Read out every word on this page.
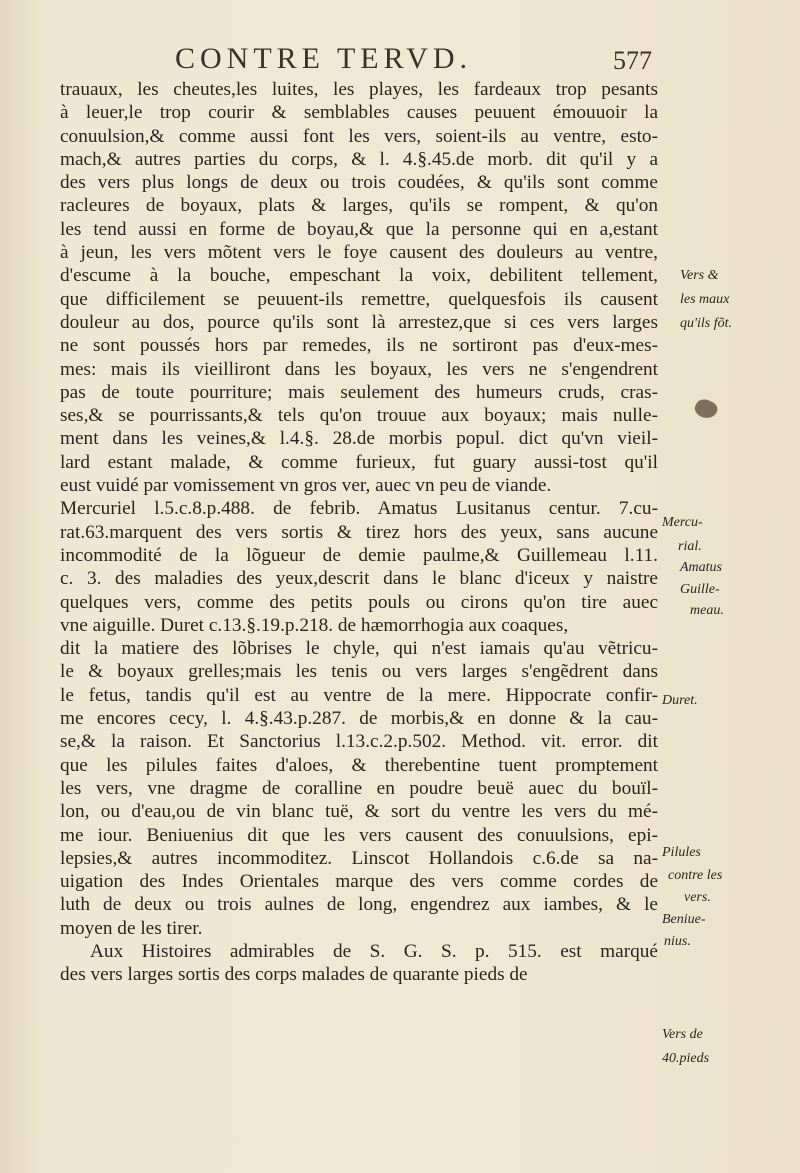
CONTRE TERVD.	577
trauaux, les cheutes,les luites, les playes, les fardeaux trop pesants
à leuer,le trop courir & semblables causes peuuent émouuoir la
conuulsion,& comme aussi font les vers, soient-ils au ventre, esto-
mach,& autres parties du corps, & l. 4.§.45.de morb. dit qu'il y a
des vers plus longs de deux ou trois coudées, & qu'ils sont comme
racleures de boyaux, plats & larges, qu'ils se rompent, & qu'on
les tend aussi en forme de boyau,& que la personne qui en a,estant
à jeun, les vers mõtent vers le foye causent des douleurs au ventre,
d'escume à la bouche, empeschant la voix, debilitent tellement,
que difficilement se peuuent-ils remettre, quelquesfois ils causent
douleur au dos, pource qu'ils sont là arrestez,que si ces vers larges
ne sont poussés hors par remedes, ils ne sortiront pas d'eux-mes-
mes: mais ils vieilliront dans les boyaux, les vers ne s'engendrent
pas de toute pourriture; mais seulement des humeurs cruds, cras-
ses,& se pourrissants,& tels qu'on trouue aux boyaux; mais nulle-
ment dans les veines,& l.4.§. 28.de morbis popul. dict qu'vn vieil-
lard estant malade, & comme furieux, fut guary aussi-tost qu'il
eust vuidé par vomissement vn gros ver, auec vn peu de viande.
Mercuriel l.5.c.8.p.488. de febrib. Amatus Lusitanus centur. 7.cu-
rat.63.marquent des vers sortis & tirez hors des yeux, sans aucune
incommodité de la lõgueur de demie paulme,& Guillemeau l.11.
c. 3. des maladies des yeux,descrit dans le blanc d'iceux y naistre
quelques vers, comme des petits pouls ou cirons qu'on tire auec
vne aiguille. Duret c.13.§.19.p.218. de hæmorrhogia aux coaques,
dit la matiere des lõbrises le chyle, qui n'est iamais qu'au vẽtricu-
le & boyaux grelles;mais les tenis ou vers larges s'engẽdrent dans
le fetus, tandis qu'il est au ventre de la mere. Hippocrate confir-
me encores cecy, l. 4.§.43.p.287. de morbis,& en donne & la cau-
se,& la raison. Et Sanctorius l.13.c.2.p.502. Method. vit. error. dit
que les pilules faites d'aloes, & therebentine tuent promptement
les vers, vne dragme de coralline en poudre beuë auec du bouïl-
lon, ou d'eau,ou de vin blanc tuë, & sort du ventre les vers du mé-
me iour. Beniuenius dit que les vers causent des conuulsions, epi-
lepsies,& autres incommoditez. Linscot Hollandois c.6.de sa na-
uigation des Indes Orientales marque des vers comme cordes de
luth de deux ou trois aulnes de long, engendrez aux iambes, & le
moyen de les tirer.
Aux Histoires admirables de S. G. S. p. 515. est marqué
des vers larges sortis des corps malades de quarante pieds de
Vers &
les maux
qu'ils fõt.
Mercu-
rial.
Amatus
Guille-
meau.
Duret.
Pilules
contre les
vers.
Beniue-
nius.
Vers de
40.pieds
